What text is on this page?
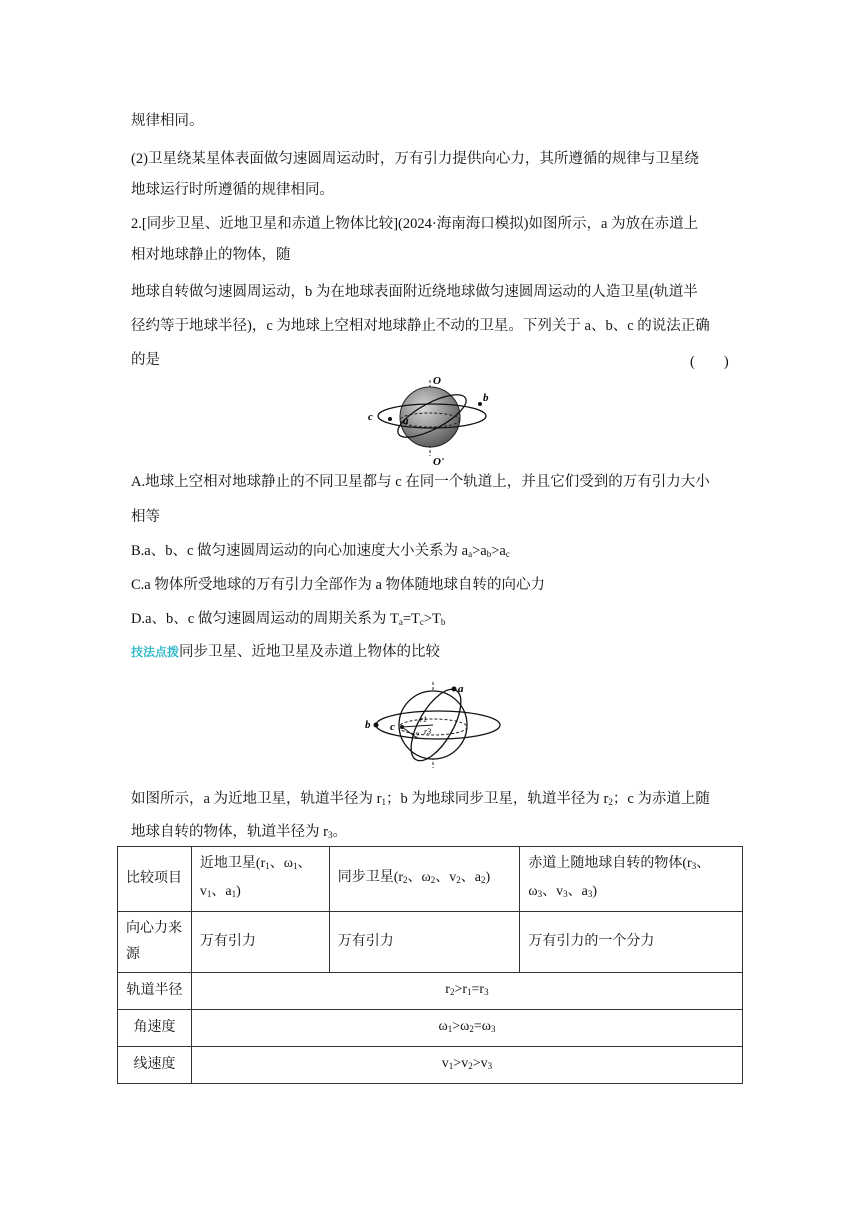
规律相同。
(2)卫星绕某星体表面做匀速圆周运动时，万有引力提供向心力，其所遵循的规律与卫星绕
地球运行时所遵循的规律相同。
2.[同步卫星、近地卫星和赤道上物体比较](2024·海南海口模拟)如图所示，a 为放在赤道上
相对地球静止的物体，随
地球自转做匀速圆周运动，b 为在地球表面附近绕地球做匀速圆周运动的人造卫星(轨道半
径约等于地球半径)，c 为地球上空相对地球静止不动的卫星。下列关于 a、b、c 的说法正确
的是	(　　)
O
b
c	a
O'
A.地球上空相对地球静止的不同卫星都与 c 在同一个轨道上，并且它们受到的万有引力大小
相等
B.a、b、c 做匀速圆周运动的向心加速度大小关系为 $a_a>a_b>a_c$
C.a 物体所受地球的万有引力全部作为 a 物体随地球自转的向心力
D.a、b、c 做匀速圆周运动的周期关系为 $T_a=T_c>T_b$
技法点拨同步卫星、近地卫星及赤道上物体的比较
a
b c
r1
r2 r3
如图所示，a 为近地卫星，轨道半径为 $r_1$；b 为地球同步卫星，轨道半径为 $r_2$；c 为赤道上随
地球自转的物体，轨道半径为 $r_3$。
比较项目	近地卫星($r_1$、$\omega_1$、$v_1$、$a_1$)	同步卫星($r_2$、$\omega_2$、$v_2$、$a_2$)	赤道上随地球自转的物体($r_3$、$\omega_3$、$v_3$、$a_3$)
向心力来源	万有引力	万有引力	万有引力的一个分力
轨道半径	$r_2>r_1=r_3$
角速度	$\omega_1>\omega_2=\omega_3$
线速度	$v_1>v_2>v_3$
